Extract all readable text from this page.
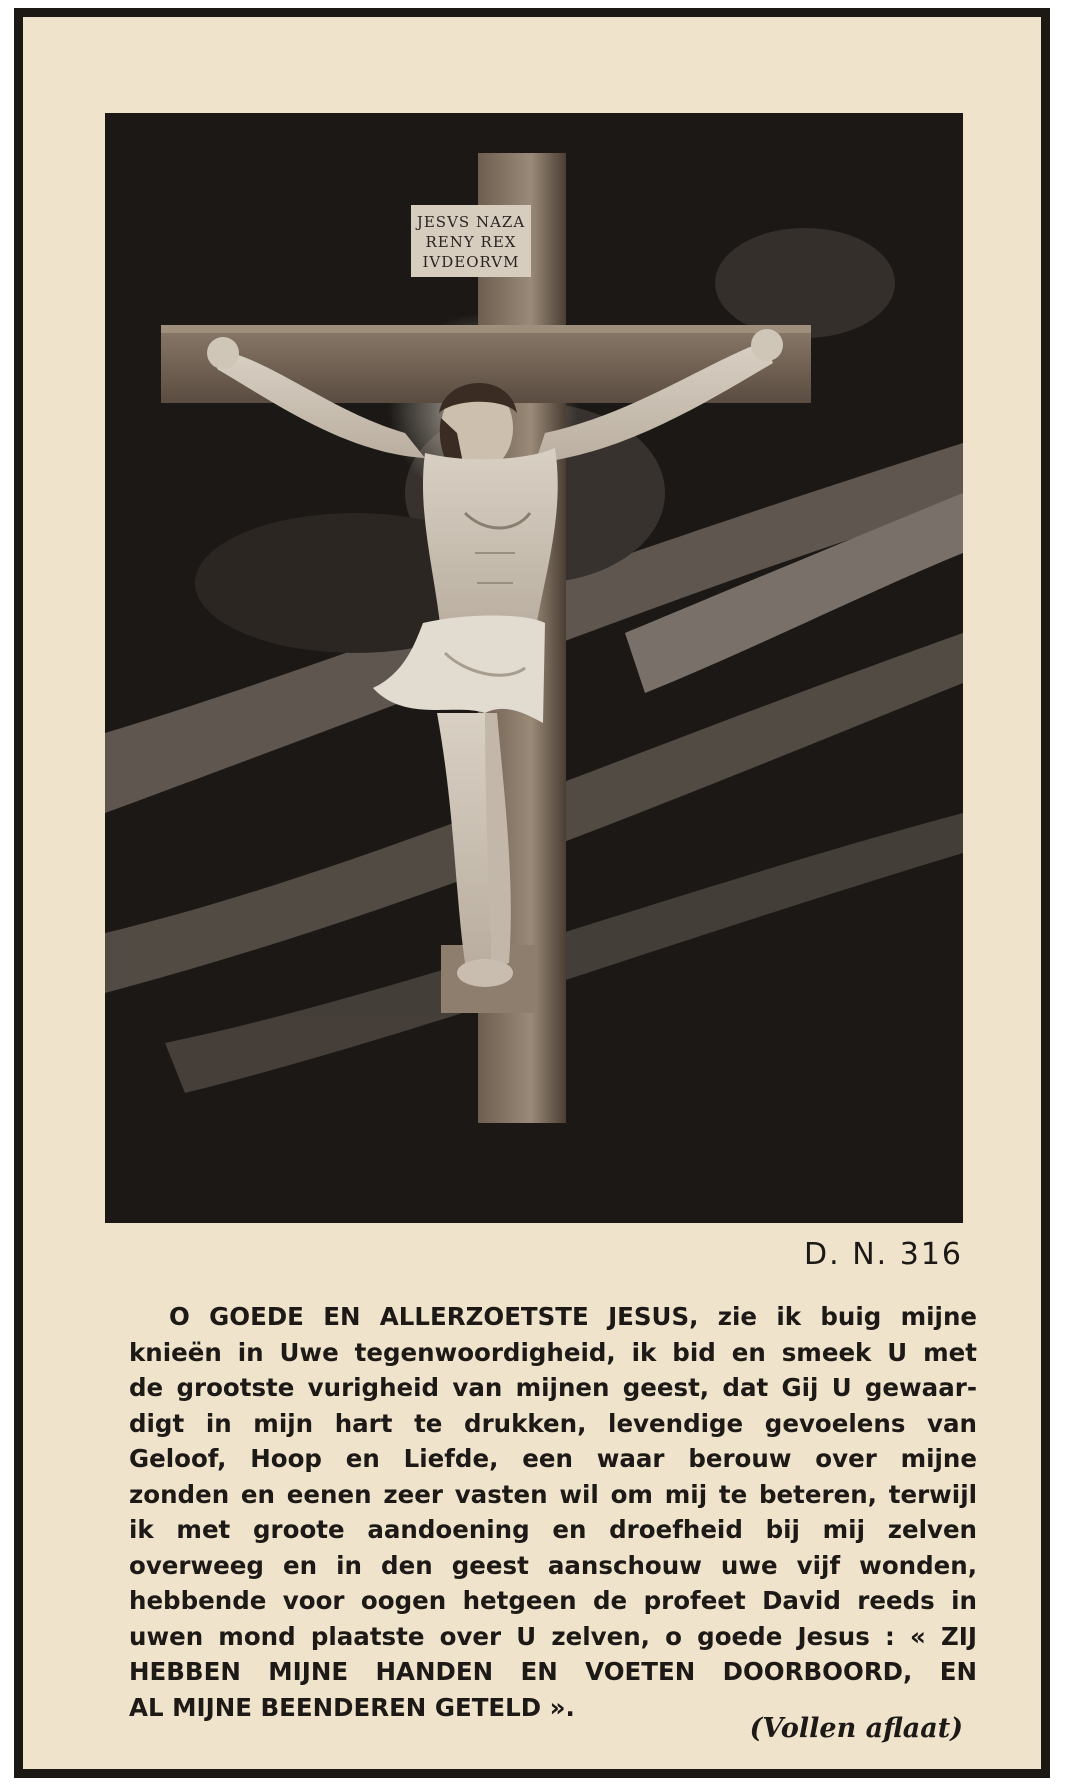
JESVS NAZA
RENY REX
IVDEORVM

D. N. 316

O GOEDE EN ALLERZOETSTE JESUS, zie ik buig mijne
knieën in Uwe tegenwoordigheid, ik bid en smeek U met
de grootste vurigheid van mijnen geest, dat Gij U gewaar-
digt in mijn hart te drukken, levendige gevoelens van
Geloof, Hoop en Liefde, een waar berouw over mijne
zonden en eenen zeer vasten wil om mij te beteren, terwijl
ik met groote aandoening en droefheid bij mij zelven
overweeg en in den geest aanschouw uwe vijf wonden,
hebbende voor oogen hetgeen de profeet David reeds in
uwen mond plaatste over U zelven, o goede Jesus : « ZIJ
HEBBEN MIJNE HANDEN EN VOETEN DOORBOORD, EN
AL MIJNE BEENDEREN GETELD ».

(Vollen aflaat)
